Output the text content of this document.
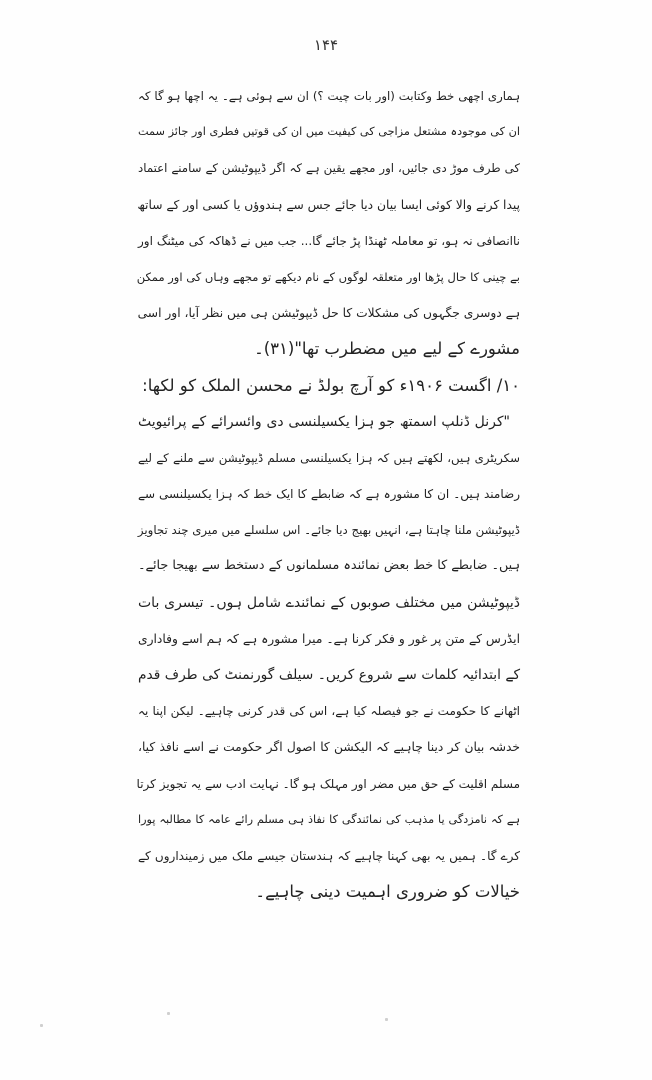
۱۴۴
ہماری اچھی خط وکتابت (اور بات چیت ؟) ان سے ہوئی ہے۔ یہ اچھا ہو گا کہ
ان کی موجودہ مشتعل مزاجی کی کیفیت میں ان کی قوتیں فطری اور جائز سمت
کی طرف موڑ دی جائیں، اور مجھے یقین ہے کہ اگر ڈیپوٹیشن کے سامنے اعتماد
پیدا کرنے والا کوئی ایسا بیان دیا جائے جس سے ہندوؤں یا کسی اور کے ساتھ
ناانصافی نہ ہو، تو معاملہ ٹھنڈا پڑ جائے گا... جب میں نے ڈھاکہ کی میٹنگ اور
بے چینی کا حال پڑھا اور متعلقہ لوگوں کے نام دیکھے تو مجھے وہاں کی اور ممکن
ہے دوسری جگہوں کی مشکلات کا حل ڈیپوٹیشن ہی میں نظر آیا، اور اسی
مشورے کے لیے میں مضطرب تھا"(۳۱)۔
۱۰/ اگست ۱۹۰۶ء کو آرچ بولڈ نے محسن الملک کو لکھا:
"کرنل ڈنلپ اسمتھ جو ہزا یکسیلنسی دی وائسرائے کے پرائیویٹ
سکریٹری ہیں، لکھتے ہیں کہ ہزا یکسیلنسی مسلم ڈیپوٹیشن سے ملنے کے لیے
رضامند ہیں۔ ان کا مشورہ ہے کہ ضابطے کا ایک خط کہ ہزا یکسیلنسی سے
ڈیپوٹیشن ملنا چاہتا ہے، انہیں بھیج دیا جائے۔ اس سلسلے میں میری چند تجاویز
ہیں۔ ضابطے کا خط بعض نمائندہ مسلمانوں کے دستخط سے بھیجا جائے۔
ڈیپوٹیشن میں مختلف صوبوں کے نمائندے شامل ہوں۔ تیسری بات
ایڈرس کے متن پر غور و فکر کرنا ہے۔ میرا مشورہ ہے کہ ہم اسے وفاداری
کے ابتدائیہ کلمات سے شروع کریں۔ سیلف گورنمنٹ کی طرف قدم
اٹھانے کا حکومت نے جو فیصلہ کیا ہے، اس کی قدر کرنی چاہیے۔ لیکن اپنا یہ
خدشہ بیان کر دینا چاہیے کہ الیکشن کا اصول اگر حکومت نے اسے نافذ کیا،
مسلم اقلیت کے حق میں مضر اور مہلک ہو گا۔ نہایت ادب سے یہ تجویز کرتا
ہے کہ نامزدگی یا مذہب کی نمائندگی کا نفاذ ہی مسلم رائے عامہ کا مطالبہ پورا
کرے گا۔ ہمیں یہ بھی کہنا چاہیے کہ ہندستان جیسے ملک میں زمینداروں کے
خیالات کو ضروری اہمیت دینی چاہیے۔
